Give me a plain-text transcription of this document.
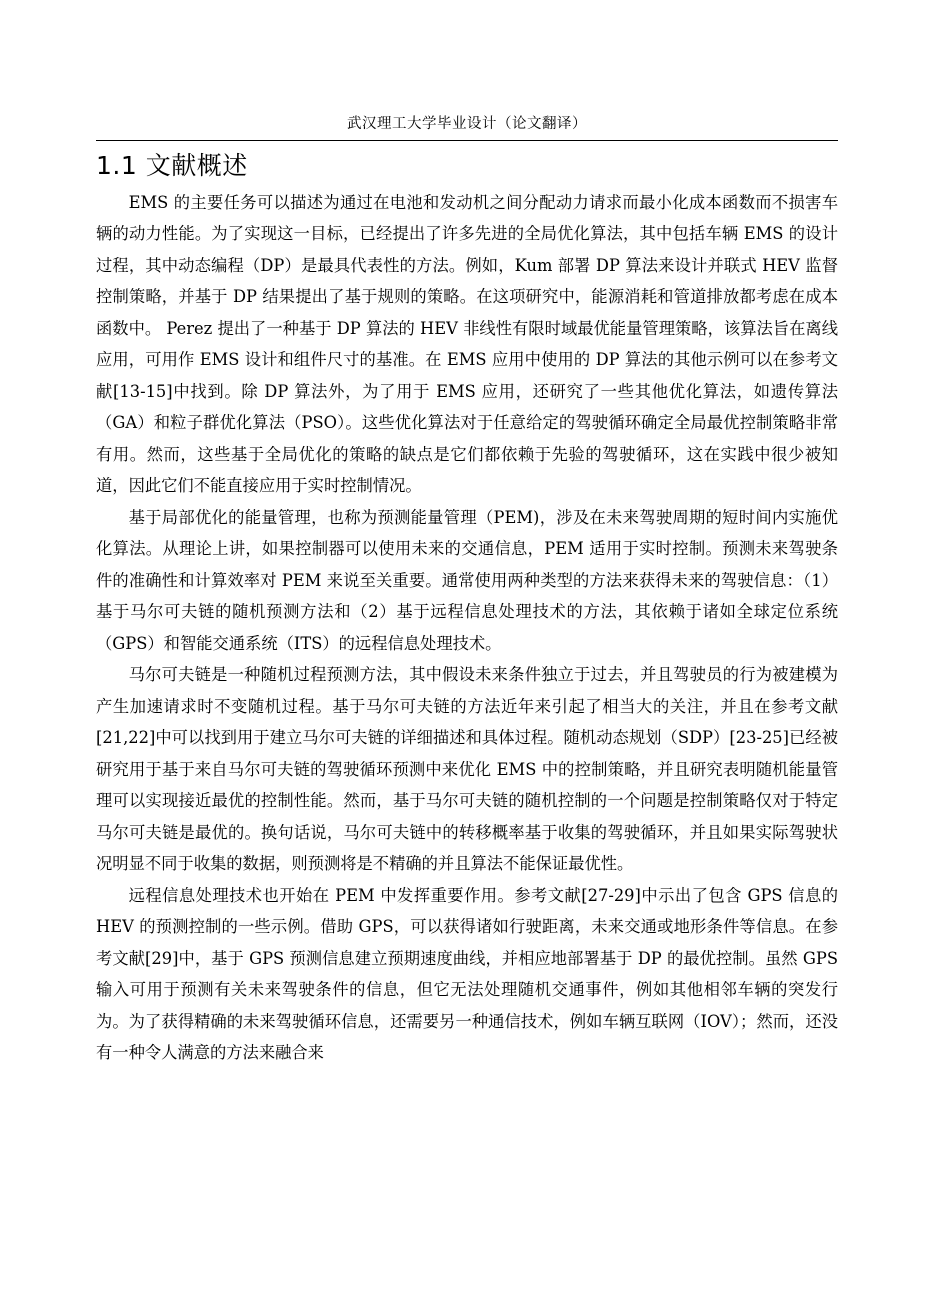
武汉理工大学毕业设计（论文翻译）
1.1 文献概述

EMS 的主要任务可以描述为通过在电池和发动机之间分配动力请求而最小化成本函数而不损害车辆的动力性能。为了实现这一目标，已经提出了许多先进的全局优化算法，其中包括车辆 EMS 的设计过程，其中动态编程（DP）是最具代表性的方法。例如，Kum 部署 DP 算法来设计并联式 HEV 监督控制策略，并基于 DP 结果提出了基于规则的策略。在这项研究中，能源消耗和管道排放都考虑在成本函数中。 Perez 提出了一种基于 DP 算法的 HEV 非线性有限时域最优能量管理策略，该算法旨在离线应用，可用作 EMS 设计和组件尺寸的基准。在 EMS 应用中使用的 DP 算法的其他示例可以在参考文献[13-15]中找到。除 DP 算法外，为了用于 EMS 应用，还研究了一些其他优化算法，如遗传算法（GA）和粒子群优化算法（PSO）。这些优化算法对于任意给定的驾驶循环确定全局最优控制策略非常有用。然而，这些基于全局优化的策略的缺点是它们都依赖于先验的驾驶循环，这在实践中很少被知道，因此它们不能直接应用于实时控制情况。

基于局部优化的能量管理，也称为预测能量管理（PEM)，涉及在未来驾驶周期的短时间内实施优化算法。从理论上讲，如果控制器可以使用未来的交通信息，PEM 适用于实时控制。预测未来驾驶条件的准确性和计算效率对 PEM 来说至关重要。通常使用两种类型的方法来获得未来的驾驶信息：（1）基于马尔可夫链的随机预测方法和（2）基于远程信息处理技术的方法，其依赖于诸如全球定位系统（GPS）和智能交通系统（ITS）的远程信息处理技术。

马尔可夫链是一种随机过程预测方法，其中假设未来条件独立于过去，并且驾驶员的行为被建模为产生加速请求时不变随机过程。基于马尔可夫链的方法近年来引起了相当大的关注，并且在参考文献[21,22]中可以找到用于建立马尔可夫链的详细描述和具体过程。随机动态规划（SDP）[23-25]已经被研究用于基于来自马尔可夫链的驾驶循环预测中来优化 EMS 中的控制策略，并且研究表明随机能量管理可以实现接近最优的控制性能。然而，基于马尔可夫链的随机控制的一个问题是控制策略仅对于特定马尔可夫链是最优的。换句话说，马尔可夫链中的转移概率基于收集的驾驶循环，并且如果实际驾驶状况明显不同于收集的数据，则预测将是不精确的并且算法不能保证最优性。

远程信息处理技术也开始在 PEM 中发挥重要作用。参考文献[27-29]中示出了包含 GPS 信息的 HEV 的预测控制的一些示例。借助 GPS，可以获得诸如行驶距离，未来交通或地形条件等信息。在参考文献[29]中，基于 GPS 预测信息建立预期速度曲线，并相应地部署基于 DP 的最优控制。虽然 GPS 输入可用于预测有关未来驾驶条件的信息，但它无法处理随机交通事件，例如其他相邻车辆的突发行为。为了获得精确的未来驾驶循环信息，还需要另一种通信技术，例如车辆互联网（IOV）；然而，还没有一种令人满意的方法来融合来
